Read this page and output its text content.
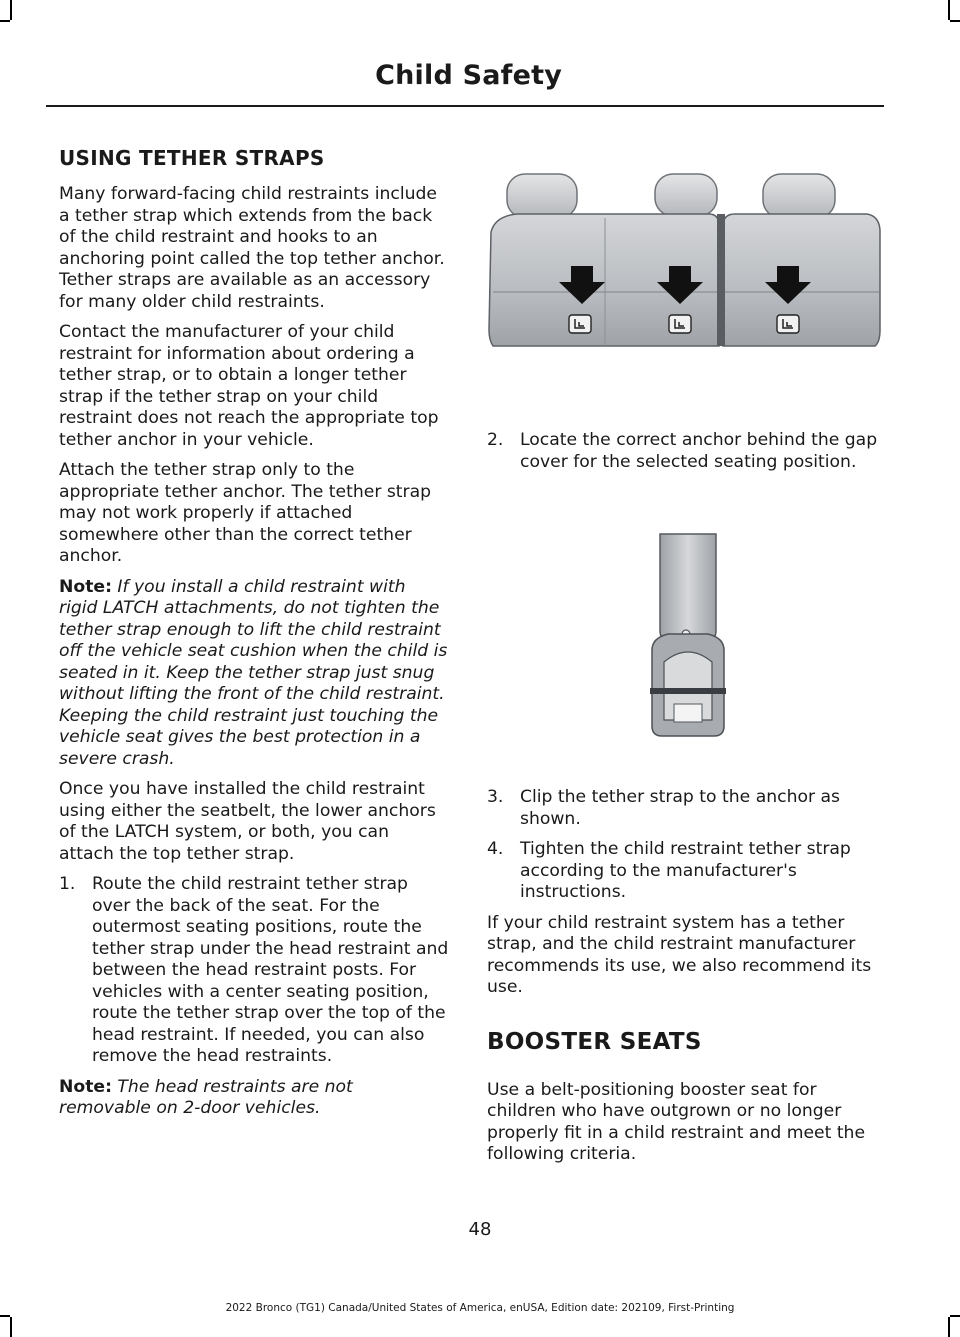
Child Safety
USING TETHER STRAPS

Many forward-facing child restraints include a tether strap which extends from the back of the child restraint and hooks to an anchoring point called the top tether anchor. Tether straps are available as an accessory for many older child restraints.

Contact the manufacturer of your child restraint for information about ordering a tether strap, or to obtain a longer tether strap if the tether strap on your child restraint does not reach the appropriate top tether anchor in your vehicle.

Attach the tether strap only to the appropriate tether anchor. The tether strap may not work properly if attached somewhere other than the correct tether anchor.

Note: If you install a child restraint with rigid LATCH attachments, do not tighten the tether strap enough to lift the child restraint off the vehicle seat cushion when the child is seated in it. Keep the tether strap just snug without lifting the front of the child restraint. Keeping the child restraint just touching the vehicle seat gives the best protection in a severe crash.

Once you have installed the child restraint using either the seatbelt, the lower anchors of the LATCH system, or both, you can attach the top tether strap.

1. Route the child restraint tether strap over the back of the seat. For the outermost seating positions, route the tether strap under the head restraint and between the head restraint posts. For vehicles with a center seating position, route the tether strap over the top of the head restraint. If needed, you can also remove the head restraints.

Note: The head restraints are not removable on 2-door vehicles.

2. Locate the correct anchor behind the gap cover for the selected seating position.
3. Clip the tether strap to the anchor as shown.
4. Tighten the child restraint tether strap according to the manufacturer's instructions.

If your child restraint system has a tether strap, and the child restraint manufacturer recommends its use, we also recommend its use.

BOOSTER SEATS

Use a belt-positioning booster seat for children who have outgrown or no longer properly fit in a child restraint and meet the following criteria.

48
2022 Bronco (TG1) Canada/United States of America, enUSA, Edition date: 202109, First-Printing
